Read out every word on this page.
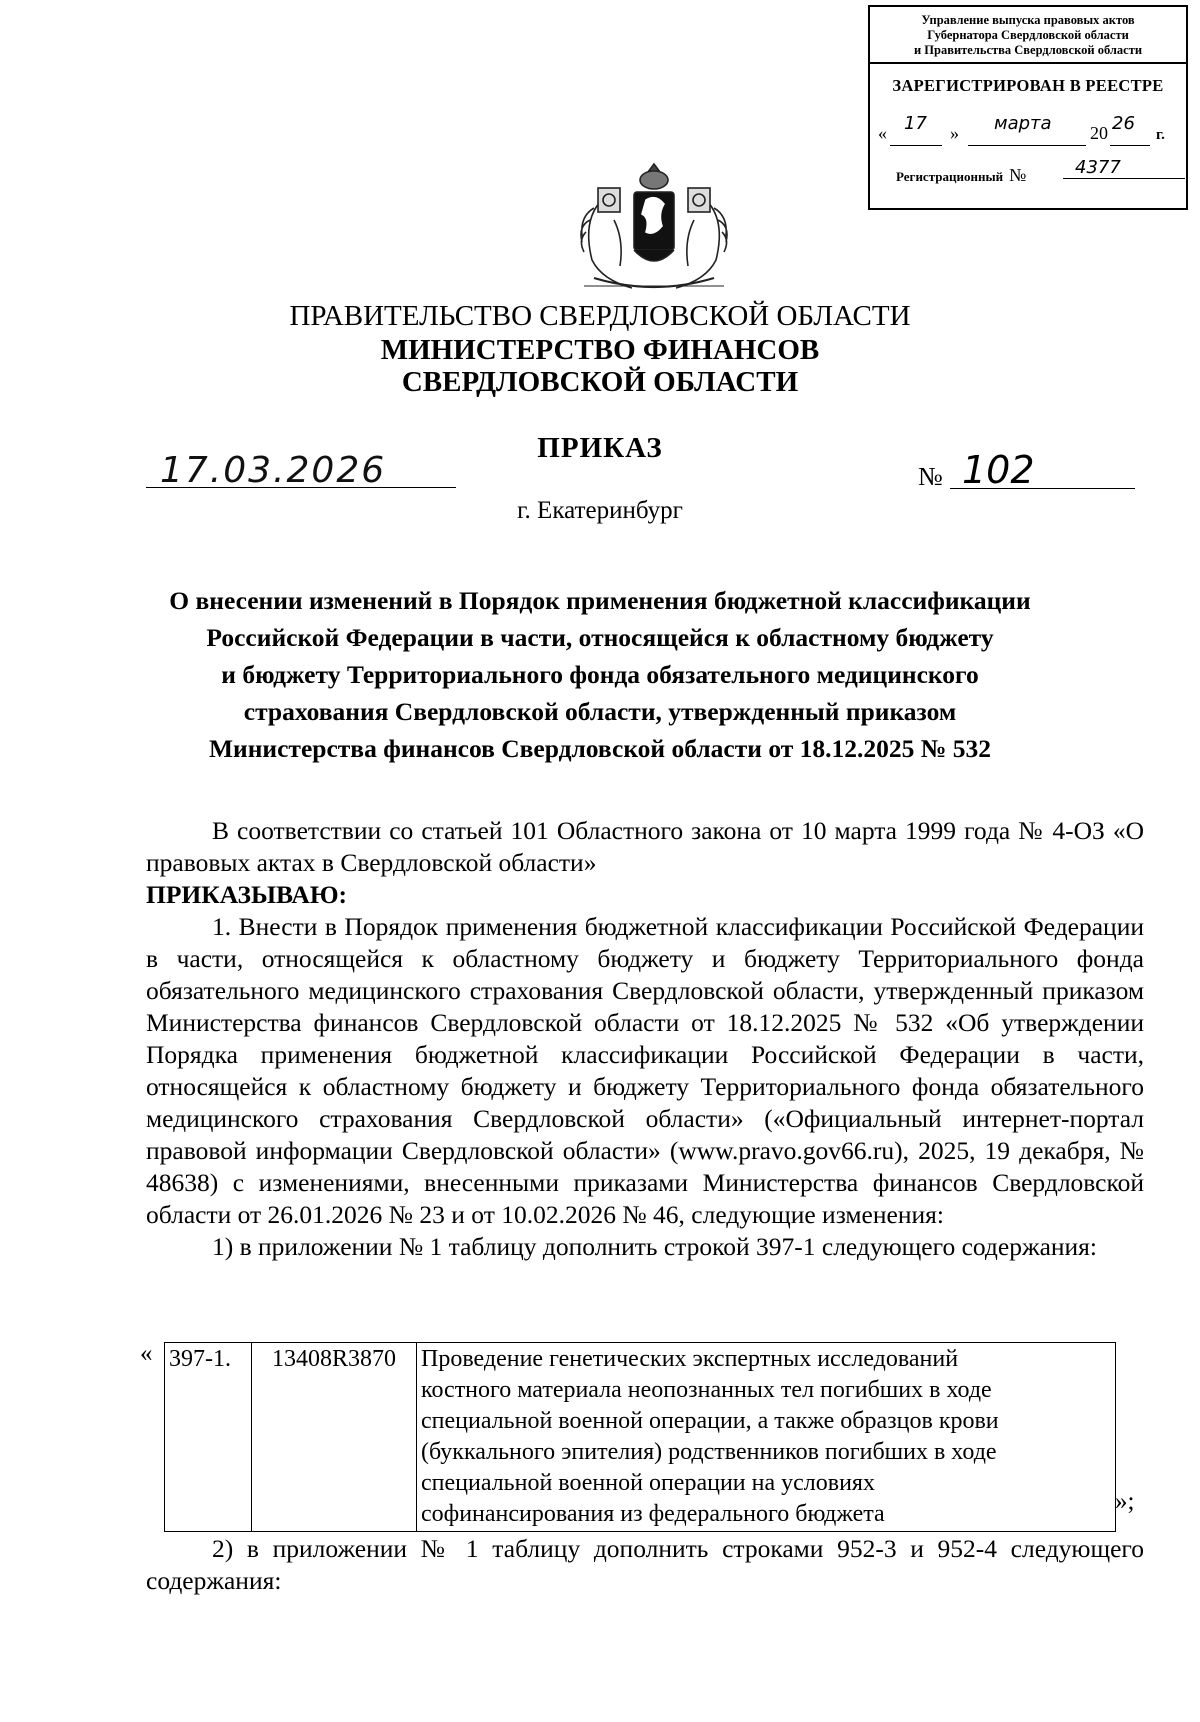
Управление выпуска правовых актов
Губернатора Свердловской области
и Правительства Свердловской области
ЗАРЕГИСТРИРОВАН В РЕЕСТРЕ
« 17 » марта 20 26
г.
Регистрационный №	4377
ПРАВИТЕЛЬСТВО СВЕРДЛОВСКОЙ ОБЛАСТИ
МИНИСТЕРСТВО ФИНАНСОВ
СВЕРДЛОВСКОЙ ОБЛАСТИ
ПРИКАЗ
17.03.2026	№ 102
г. Екатеринбург
О внесении изменений в Порядок применения бюджетной классификации
Российской Федерации в части, относящейся к областному бюджету
и бюджету Территориального фонда обязательного медицинского
страхования Свердловской области, утвержденный приказом
Министерства финансов Свердловской области от 18.12.2025 № 532

В соответствии со статьей 101 Областного закона от 10 марта 1999 года № 4-ОЗ «О правовых актах в Свердловской области»

ПРИКАЗЫВАЮ:

1. Внести в Порядок применения бюджетной классификации Российской Федерации в части, относящейся к областному бюджету и бюджету Территориального фонда обязательного медицинского страхования Свердловской области, утвержденный приказом Министерства финансов Свердловской области от 18.12.2025 № 532 «Об утверждении Порядка применения бюджетной классификации Российской Федерации в части, относящейся к областному бюджету и бюджету Территориального фонда обязательного медицинского страхования Свердловской области» («Официальный интернет-портал правовой информации Свердловской области» (www.pravo.gov66.ru), 2025, 19 декабря, № 48638) с изменениями, внесенными приказами Министерства финансов Свердловской области от 26.01.2026 № 23 и от 10.02.2026 № 46, следующие изменения:

1) в приложении № 1 таблицу дополнить строкой 397-1 следующего содержания:

« 397-1.	13408R3870	Проведение генетических экспертных исследований
костного материала неопознанных тел погибших в ходе
специальной военной операции, а также образцов крови
(буккального эпителия) родственников погибших в ходе
специальной военной операции на условиях
софинансирования из федерального бюджета	»;

2) в приложении № 1 таблицу дополнить строками 952-3 и 952-4 следующего содержания:
